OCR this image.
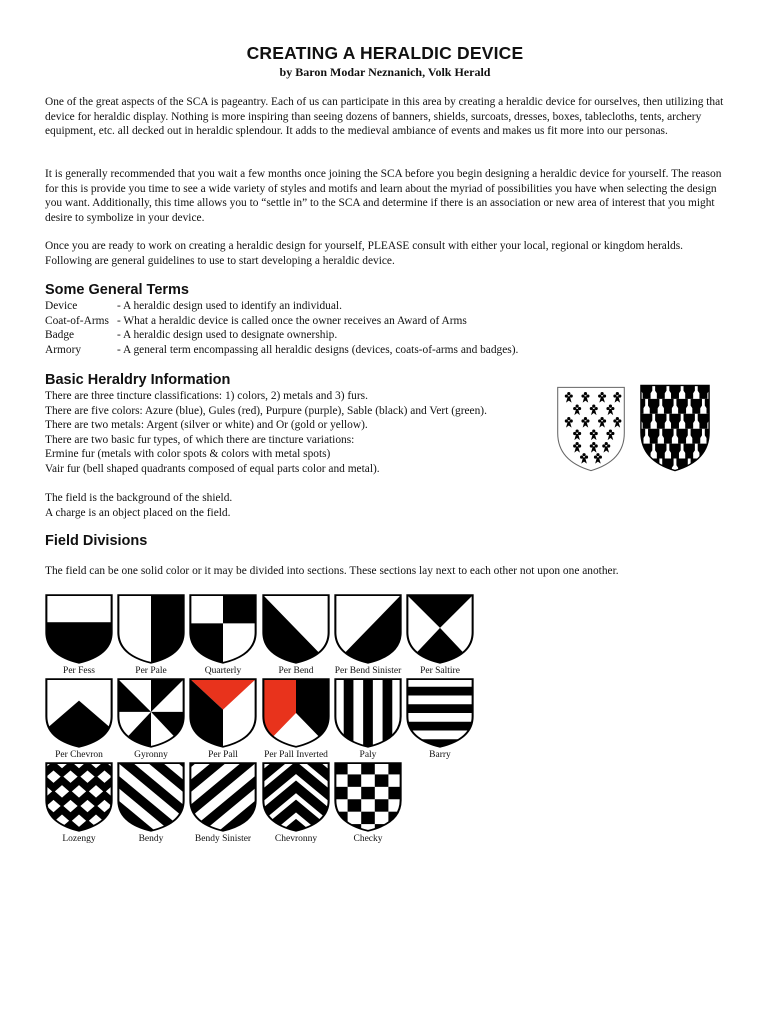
CREATING A HERALDIC DEVICE
by Baron Modar Neznanich, Volk Herald

One of the great aspects of the SCA is pageantry. Each of us can participate in this area by creating a heraldic device for ourselves, then utilizing that device for heraldic display. Nothing is more inspiring than seeing dozens of banners, shields, surcoats, dresses, boxes, tablecloths, tents, archery equipment, etc. all decked out in heraldic splendour. It adds to the medieval ambiance of events and makes us fit more into our personas.

It is generally recommended that you wait a few months once joining the SCA before you begin designing a heraldic device for yourself. The reason for this is provide you time to see a wide variety of styles and motifs and learn about the myriad of possibilities you have when selecting the design you want. Additionally, this time allows you to “settle in” to the SCA and determine if there is an association or new area of interest that you might desire to symbolize in your device.

Once you are ready to work on creating a heraldic design for yourself, PLEASE consult with either your local, regional or kingdom heralds. Following are general guidelines to use to start developing a heraldic device.

Some General Terms
Device	- A heraldic design used to identify an individual.
Coat-of-Arms - What a heraldic device is called once the owner receives an Award of Arms
Badge	- A heraldic design used to designate ownership.
Armory	- A general term encompassing all heraldic designs (devices, coats-of-arms and badges).
Basic Heraldry Information
There are three tincture classifications: 1) colors, 2) metals and 3) furs.
There are five colors: Azure (blue), Gules (red), Purpure (purple), Sable (black) and Vert (green).
There are two metals: Argent (silver or white) and Or (gold or yellow).
There are two basic fur types, of which there are tincture variations:
Ermine fur (metals with color spots & colors with metal spots)
Vair fur (bell shaped quadrants composed of equal parts color and metal).
The field is the background of the shield.
A charge is an object placed on the field.
Field Divisions
The field can be one solid color or it may be divided into sections. These sections lay next to each other not upon one another.
Per Fess	Per Pale	Quarterly	Per Bend	Per Bend Sinister	Per Saltire
Per Chevron	Gyronny	Per Pall	Per Pall Inverted	Paly	Barry
Lozengy	Bendy	Bendy Sinister	Chevronny	Checky
